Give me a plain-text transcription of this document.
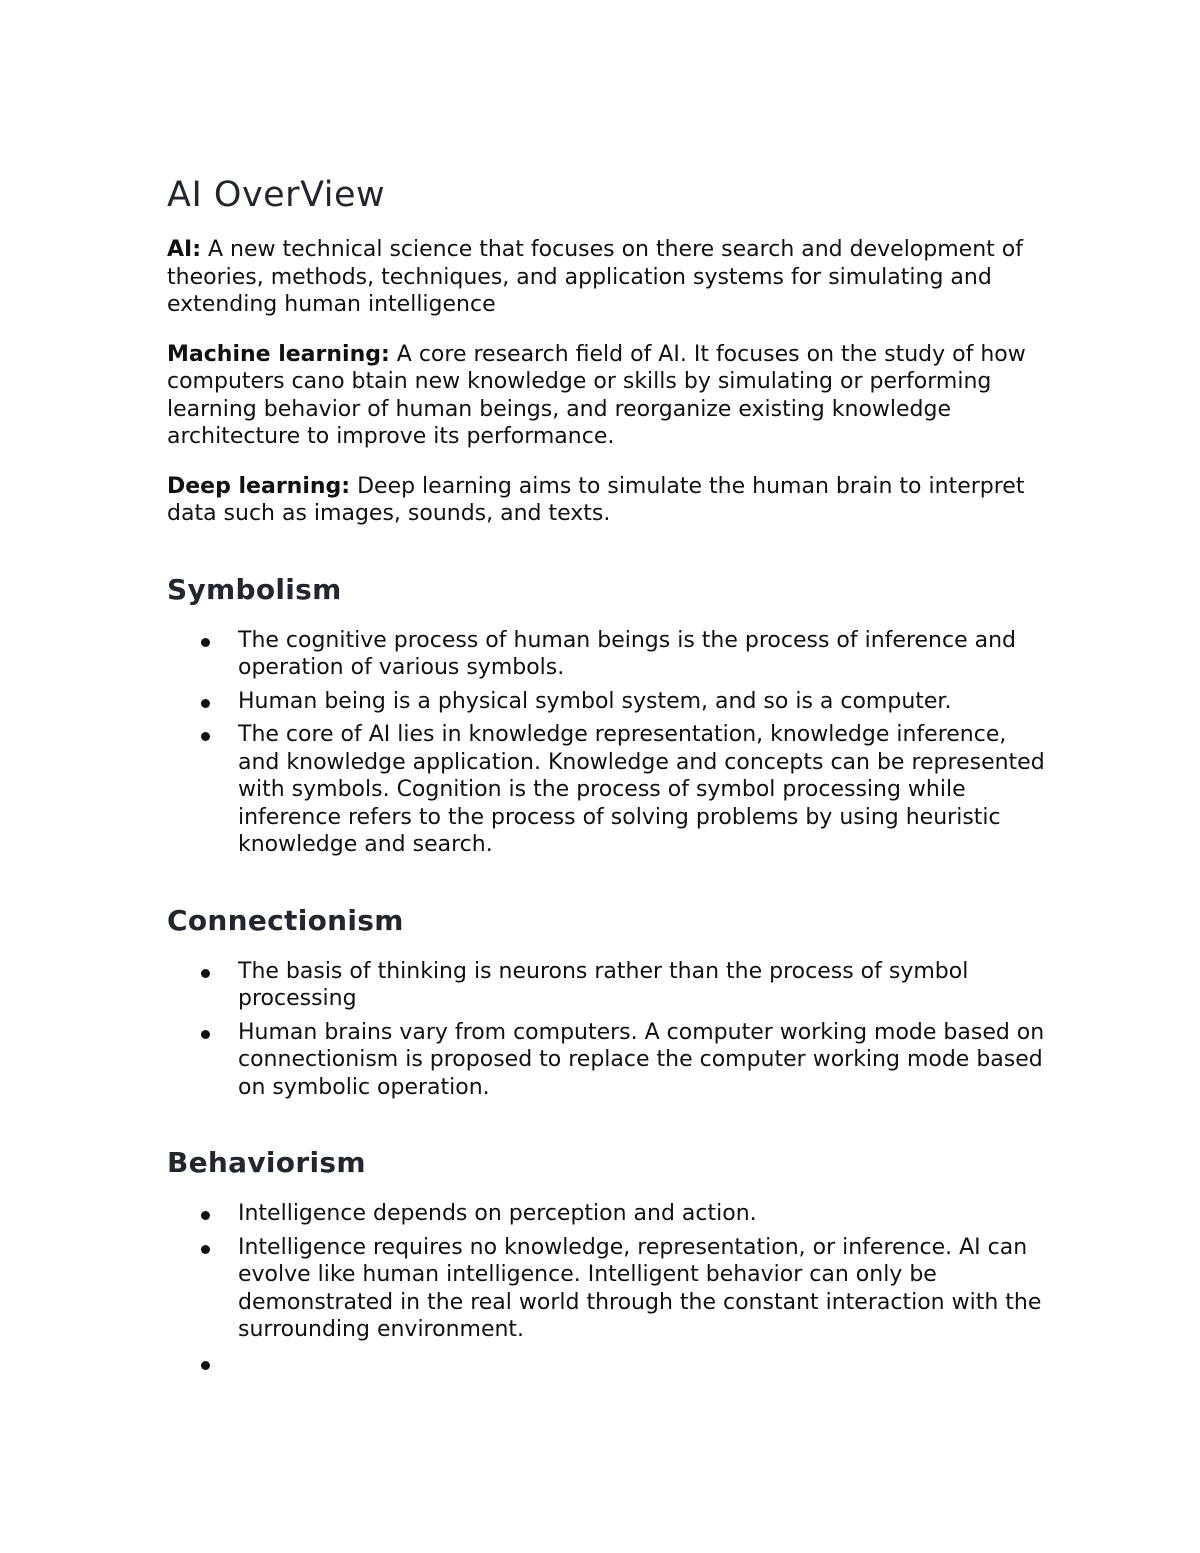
AI OverView

AI: A new technical science that focuses on there search and development of theories, methods, techniques, and application systems for simulating and extending human intelligence

Machine learning: A core research field of AI. It focuses on the study of how computers cano btain new knowledge or skills by simulating or performing learning behavior of human beings, and reorganize existing knowledge architecture to improve its performance.

Deep learning: Deep learning aims to simulate the human brain to interpret data such as images, sounds, and texts.

Symbolism
The cognitive process of human beings is the process of inference and operation of various symbols.
Human being is a physical symbol system, and so is a computer.
The core of AI lies in knowledge representation, knowledge inference, and knowledge application. Knowledge and concepts can be represented with symbols. Cognition is the process of symbol processing while inference refers to the process of solving problems by using heuristic knowledge and search.
Connectionism
The basis of thinking is neurons rather than the process of symbol processing
Human brains vary from computers. A computer working mode based on connectionism is proposed to replace the computer working mode based on symbolic operation.
Behaviorism
Intelligence depends on perception and action.
Intelligence requires no knowledge, representation, or inference. AI can evolve like human intelligence. Intelligent behavior can only be demonstrated in the real world through the constant interaction with the surrounding environment.
